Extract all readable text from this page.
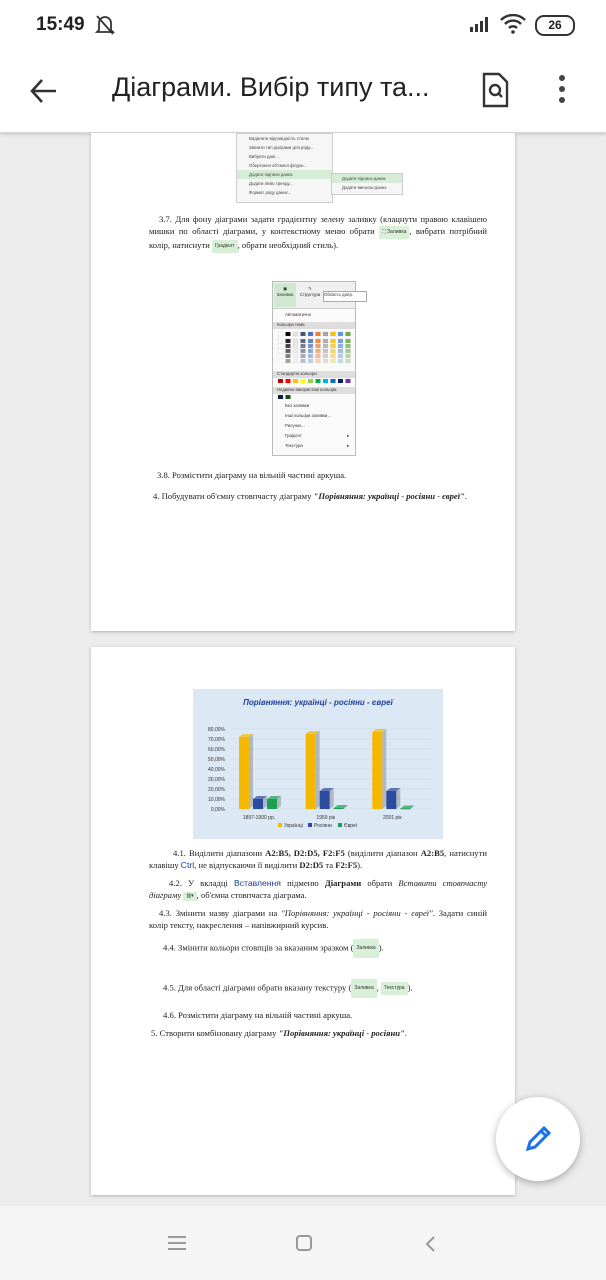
15:49	26
Діаграми. Вибір типу та...
Видалити відповідність стилю
Змінити тип діаграми для ряду...
Вибрати дані...
Обертання об'ємної фігури...
Додати підписи даних
Додати лінію тренду...
Формат ряду даних...
Додати підписи даних
Додати виноски даних
3.7. Для фону діаграми задати градієнтну зелену заливку (клацнути правою клавішею мишки по області діаграми, у контекстному меню обрати ⛶ Заливка , вибрати потрібний колір, натиснути Градієнт , обрати необхідний стиль).
▣
Заливка
✎
Структура Область діагр.
Автоматично
Кольори теми
Стандартні кольори
Недавно використані кольори
Без заливки
Інші кольори заливки...
Рисунок...
Градієнт
Текстура
▸
▸
3.8. Розмістити діаграму на вільній частині аркуша.
4. Побудувати об'ємну стовпчасту діаграму "Порівняння: українці - росіяни - євреї".
Порівняння: українці - росіяни - євреї
0,00%
10,00%
20,00%
30,00%
40,00%
50,00%
60,00%
70,00%
80,00%
1897-1900 рр.	1959 рік	2001 рік
Українці Росіяни Євреї
4.1. Виділити діапазони A2:B5, D2:D5, F2:F5 (виділити діапазон A2:B5, натиснути клавішу Ctrl, не відпускаючи її виділити D2:D5 та F2:F5).
4.2. У вкладці Вставлення підменю Діаграми обрати Вставити стовпчасту діаграму ▥▾ , об'ємна стовпчаста діаграма.
4.3. Змінити назву діаграми на "Порівняння: українці - росіяни - євреї". Задати синій колір тексту, накреслення – напівжирний курсив.
4.4. Змінити кольори стовпців за вказаним зразком ( Заливка ).
4.5. Для області діаграми обрати вказану текстуру ( Заливка , Текстура ).
4.6. Розмістити діаграму на вільній частині аркуша.
5. Створити комбіновану діаграму "Порівняння: українці - росіяни".
